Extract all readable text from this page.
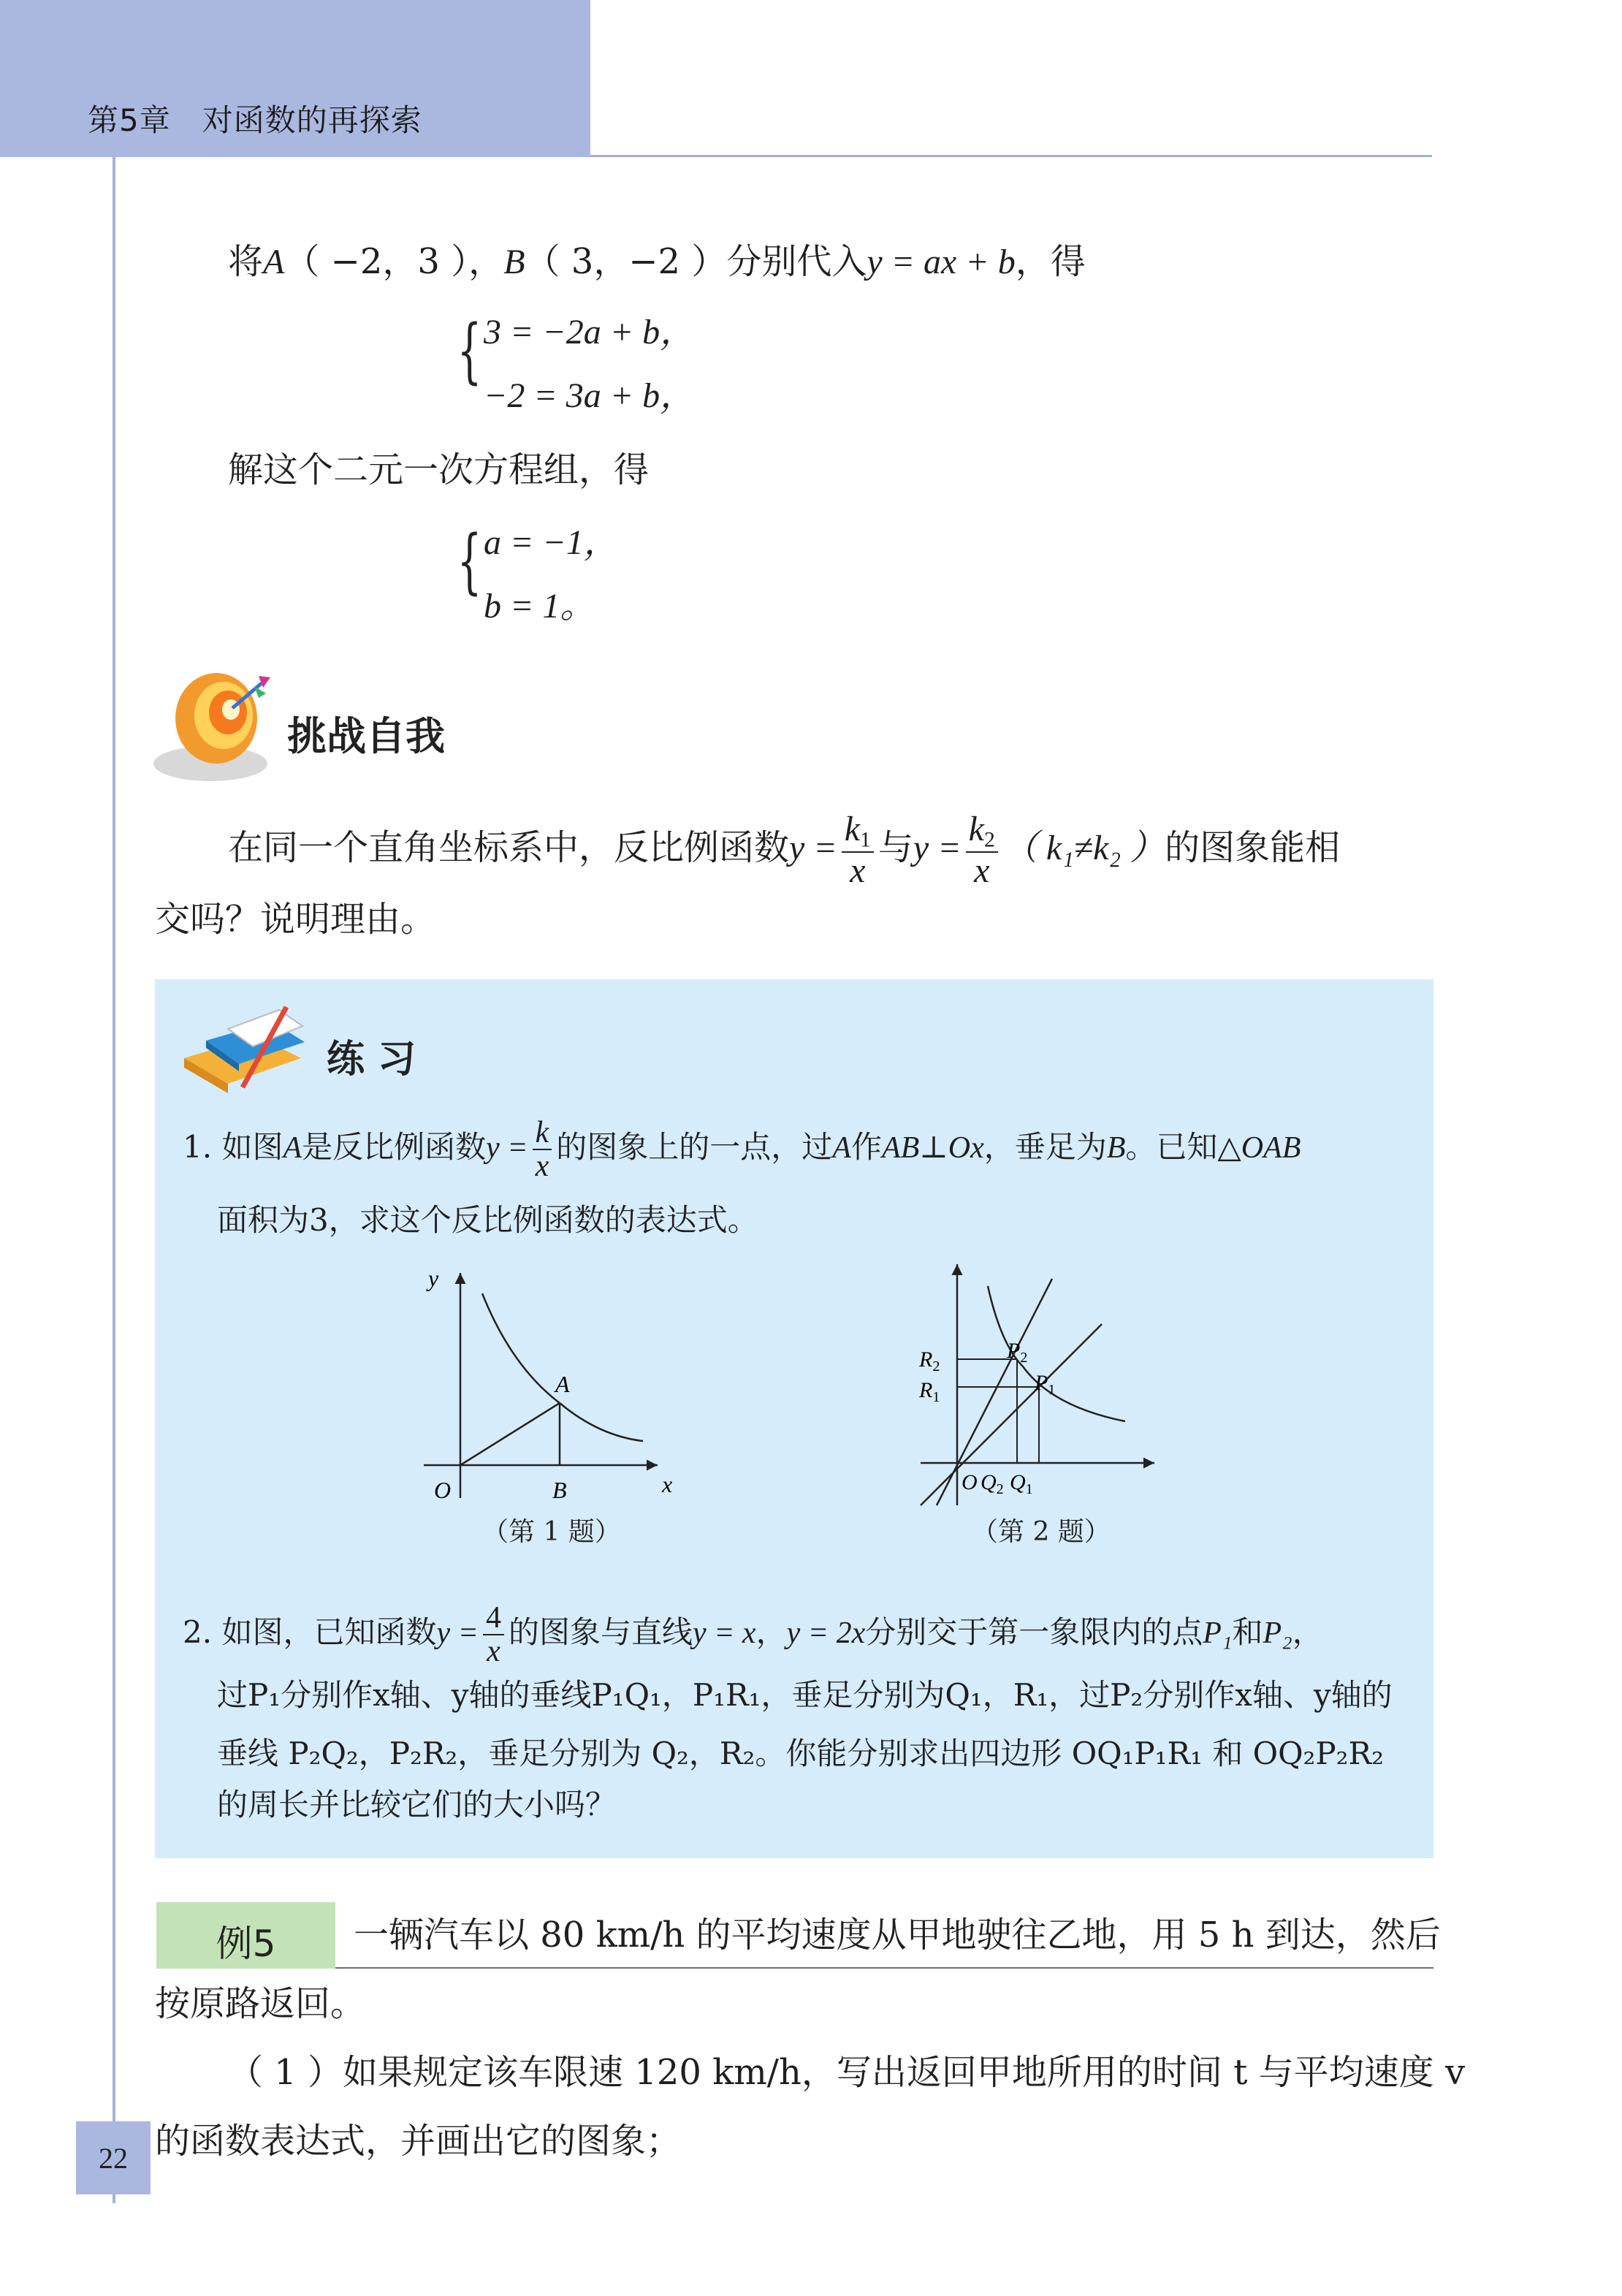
第5章 对函数的再探索
将A（ −2，3 ），B（ 3，−2 ）分别代入y = ax + b，得
{ 3 = −2a + b，
−2 = 3a + b，
解这个二元一次方程组，得
{ a = −1，
b = 1。
挑战自我
在同一个直角坐标系中，反比例函数$y = \frac{k_1}{x}$ 与$y = \frac{k_2}{x}$ （ k₁≠k₂ ）的图象能相
交吗？说明理由。
练习
1. 如图A是反比例函数$y = \frac{k}{x}$ 的图象上的一点，过A作AB⊥Ox，垂足为B。已知△OAB
面积为3，求这个反比例函数的表达式。
y
A
O	B	x
（第 1 题）
$R_2$
$R_1$
$P_2$
$P_1$
O $Q_2$ $Q_1$
（第 2 题）
2. 如图，已知函数$y = \frac{4}{x}$ 的图象与直线y = x，y = 2x分别交于第一象限内的点P₁和P₂，
过P₁分别作x轴、y轴的垂线P₁Q₁，P₁R₁，垂足分别为Q₁，R₁，过P₂分别作x轴、y轴的
垂线 P₂Q₂，P₂R₂，垂足分别为 Q₂，R₂。你能分别求出四边形 OQ₁P₁R₁ 和 OQ₂P₂R₂
的周长并比较它们的大小吗？
例5	一辆汽车以 80 km/h 的平均速度从甲地驶往乙地，用 5 h 到达，然后
按原路返回。
（ 1 ）如果规定该车限速 120 km/h，写出返回甲地所用的时间 t 与平均速度 v
的函数表达式，并画出它的图象；
22
